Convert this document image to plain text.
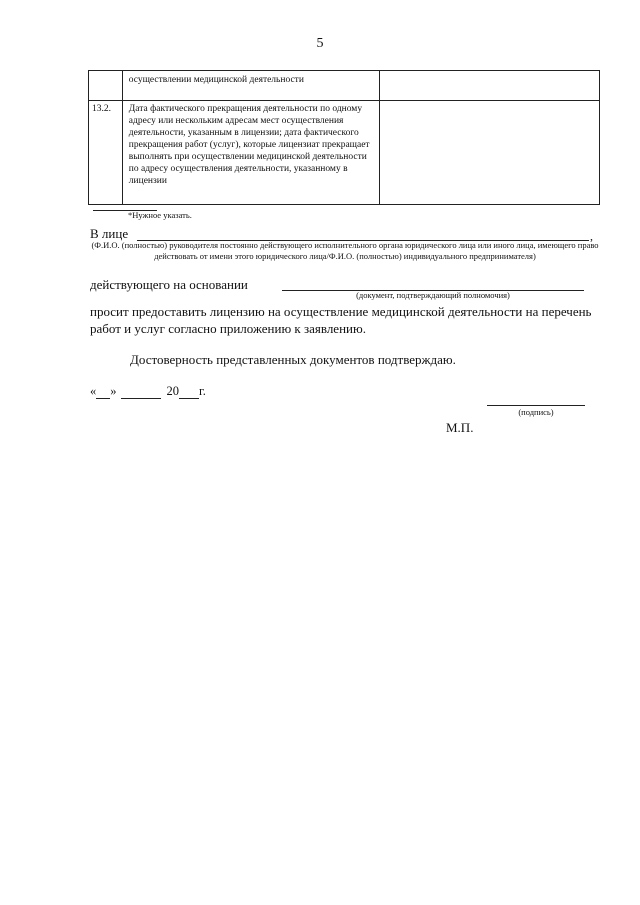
5
	осуществлении медицинской деятельности	
13.2.	Дата фактического прекращения деятельности по одному адресу или нескольким адресам мест осуществления деятельности, указанным в лицензии; дата фактического прекращения работ (услуг), которые лицензиат прекращает выполнять при осуществлении медицинской деятельности по адресу осуществления деятельности, указанному в лицензии	
*Нужное указать.
В лице	,
(Ф.И.О. (полностью) руководителя постоянно действующего исполнительного органа юридического лица или иного лица, имеющего право действовать от имени этого юридического лица/Ф.И.О. (полностью) индивидуального предпринимателя)
действующего на основании
(документ, подтверждающий полномочия)
просит предоставить лицензию на осуществление медицинской деятельности на перечень работ и услуг согласно приложению к заявлению.
Достоверность представленных документов подтверждаю.
« »	20 г.
(подпись)
М.П.
